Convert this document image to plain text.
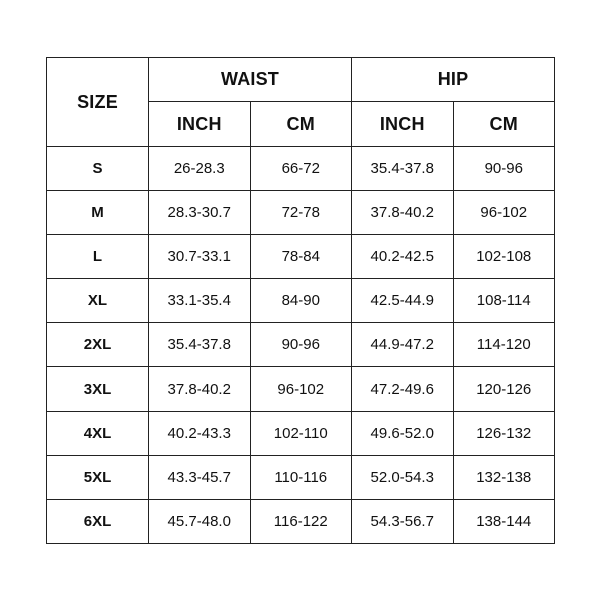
SIZE	WAIST		HIP	
	INCH	CM	INCH	CM
S	26-28.3	66-72	35.4-37.8	90-96
M	28.3-30.7	72-78	37.8-40.2	96-102
L	30.7-33.1	78-84	40.2-42.5	102-108
XL	33.1-35.4	84-90	42.5-44.9	108-114
2XL	35.4-37.8	90-96	44.9-47.2	114-120
3XL	37.8-40.2	96-102	47.2-49.6	120-126
4XL	40.2-43.3	102-110	49.6-52.0	126-132
5XL	43.3-45.7	110-116	52.0-54.3	132-138
6XL	45.7-48.0	116-122	54.3-56.7	138-144
